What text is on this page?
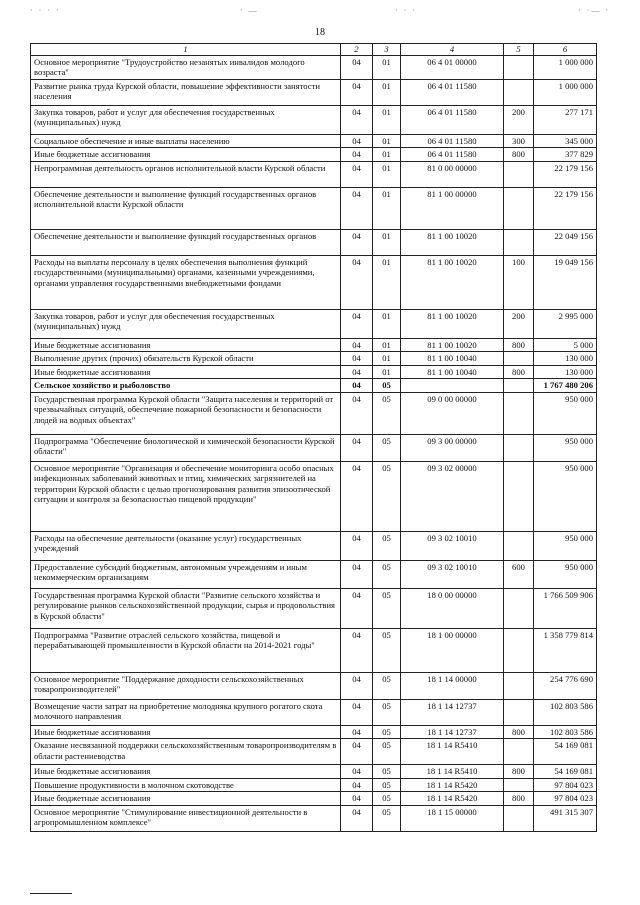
· · · ·	· —	· · ·	· ·— ·
18
1	2	3	4	5	6
Основное мероприятие "Трудоустройство незанятых инвалидов молодого возраста"	04	01	06 4 01 00000		1 000 000
Развитие рынка труда Курской области, повышение эффективности занятости населения	04	01	06 4 01 11580		1 000 000
Закупка товаров, работ и услуг для обеспечения государственных (муниципальных) нужд	04	01	06 4 01 11580	200	277 171
Социальное обеспечение и иные выплаты населению	04	01	06 4 01 11580	300	345 000
Иные бюджетные ассигнования	04	01	06 4 01 11580	800	377 829
Непрограммная деятельность органов исполнительной власти Курской области	04	01	81 0 00 00000		22 179 156
Обеспечение деятельности и выполнение функций государственных органов исполнительной власти Курской области	04	01	81 1 00 00000		22 179 156
Обеспечение деятельности и выполнение функций государственных органов	04	01	81 1 00 10020		22 049 156
Расходы на выплаты персоналу в целях обеспечения выполнения функций государственными (муниципальными) органами, казенными учреждениями, органами управления государственными внебюджетными фондами	04	01	81 1 00 10020	100	19 049 156
Закупка товаров, работ и услуг для обеспечения государственных (муниципальных) нужд	04	01	81 1 00 10020	200	2 995 000
Иные бюджетные ассигнования	04	01	81 1 00 10020	800	5 000
Выполнение других (прочих) обязательств Курской области	04	01	81 1 00 10040		130 000
Иные бюджетные ассигнования	04	01	81 1 00 10040	800	130 000
Сельское хозяйство и рыболовство	04	05			1 767 480 206
Государственная программа Курской области "Защита населения и территорий от чрезвычайных ситуаций, обеспечение пожарной безопасности и безопасности людей на водных объектах"	04	05	09 0 00 00000		950 000
Подпрограмма "Обеспечение биологической и химической безопасности Курской области"	04	05	09 3 00 00000		950 000
Основное мероприятие "Организация и обеспечение мониторинга особо опасных инфекционных заболеваний животных и птиц, химических загрязнителей на территории Курской области с целью прогнозирования развития эпизоотической ситуации и контроля за безопасностью пищевой продукции"	04	05	09 3 02 00000		950 000
Расходы на обеспечение деятельности (оказание услуг) государственных учреждений	04	05	09 3 02 10010		950 000
Предоставление субсидий бюджетным, автономным учреждениям и иным некоммерческим организациям	04	05	09 3 02 10010	600	950 000
Государственная программа Курской области "Развитие сельского хозяйства и регулирование рынков сельскохозяйственной продукции, сырья и продовольствия в Курской области"	04	05	18 0 00 00000		1 766 509 906
Подпрограмма "Развитие отраслей сельского хозяйства, пищевой и перерабатывающей промышленности в Курской области на 2014-2021 годы"	04	05	18 1 00 00000		1 358 779 814
Основное мероприятие "Поддержание доходности сельскохозяйственных товаропроизводителей"	04	05	18 1 14 00000		254 776 690
Возмещение части затрат на приобретение молодняка крупного рогатого скота молочного направления	04	05	18 1 14 12737		102 803 586
Иные бюджетные ассигнования	04	05	18 1 14 12737	800	102 803 586
Оказание несвязанной поддержки сельскохозяйственным товаропроизводителям в области растениеводства	04	05	18 1 14 R5410		54 169 081
Иные бюджетные ассигнования	04	05	18 1 14 R5410	800	54 169 081
Повышение продуктивности в молочном скотоводстве	04	05	18 1 14 R5420		97 804 023
Иные бюджетные ассигнования	04	05	18 1 14 R5420	800	97 804 023
Основное мероприятие "Стимулирование инвестиционной деятельности в агропромышленном комплексе"	04	05	18 1 15 00000		491 315 307
